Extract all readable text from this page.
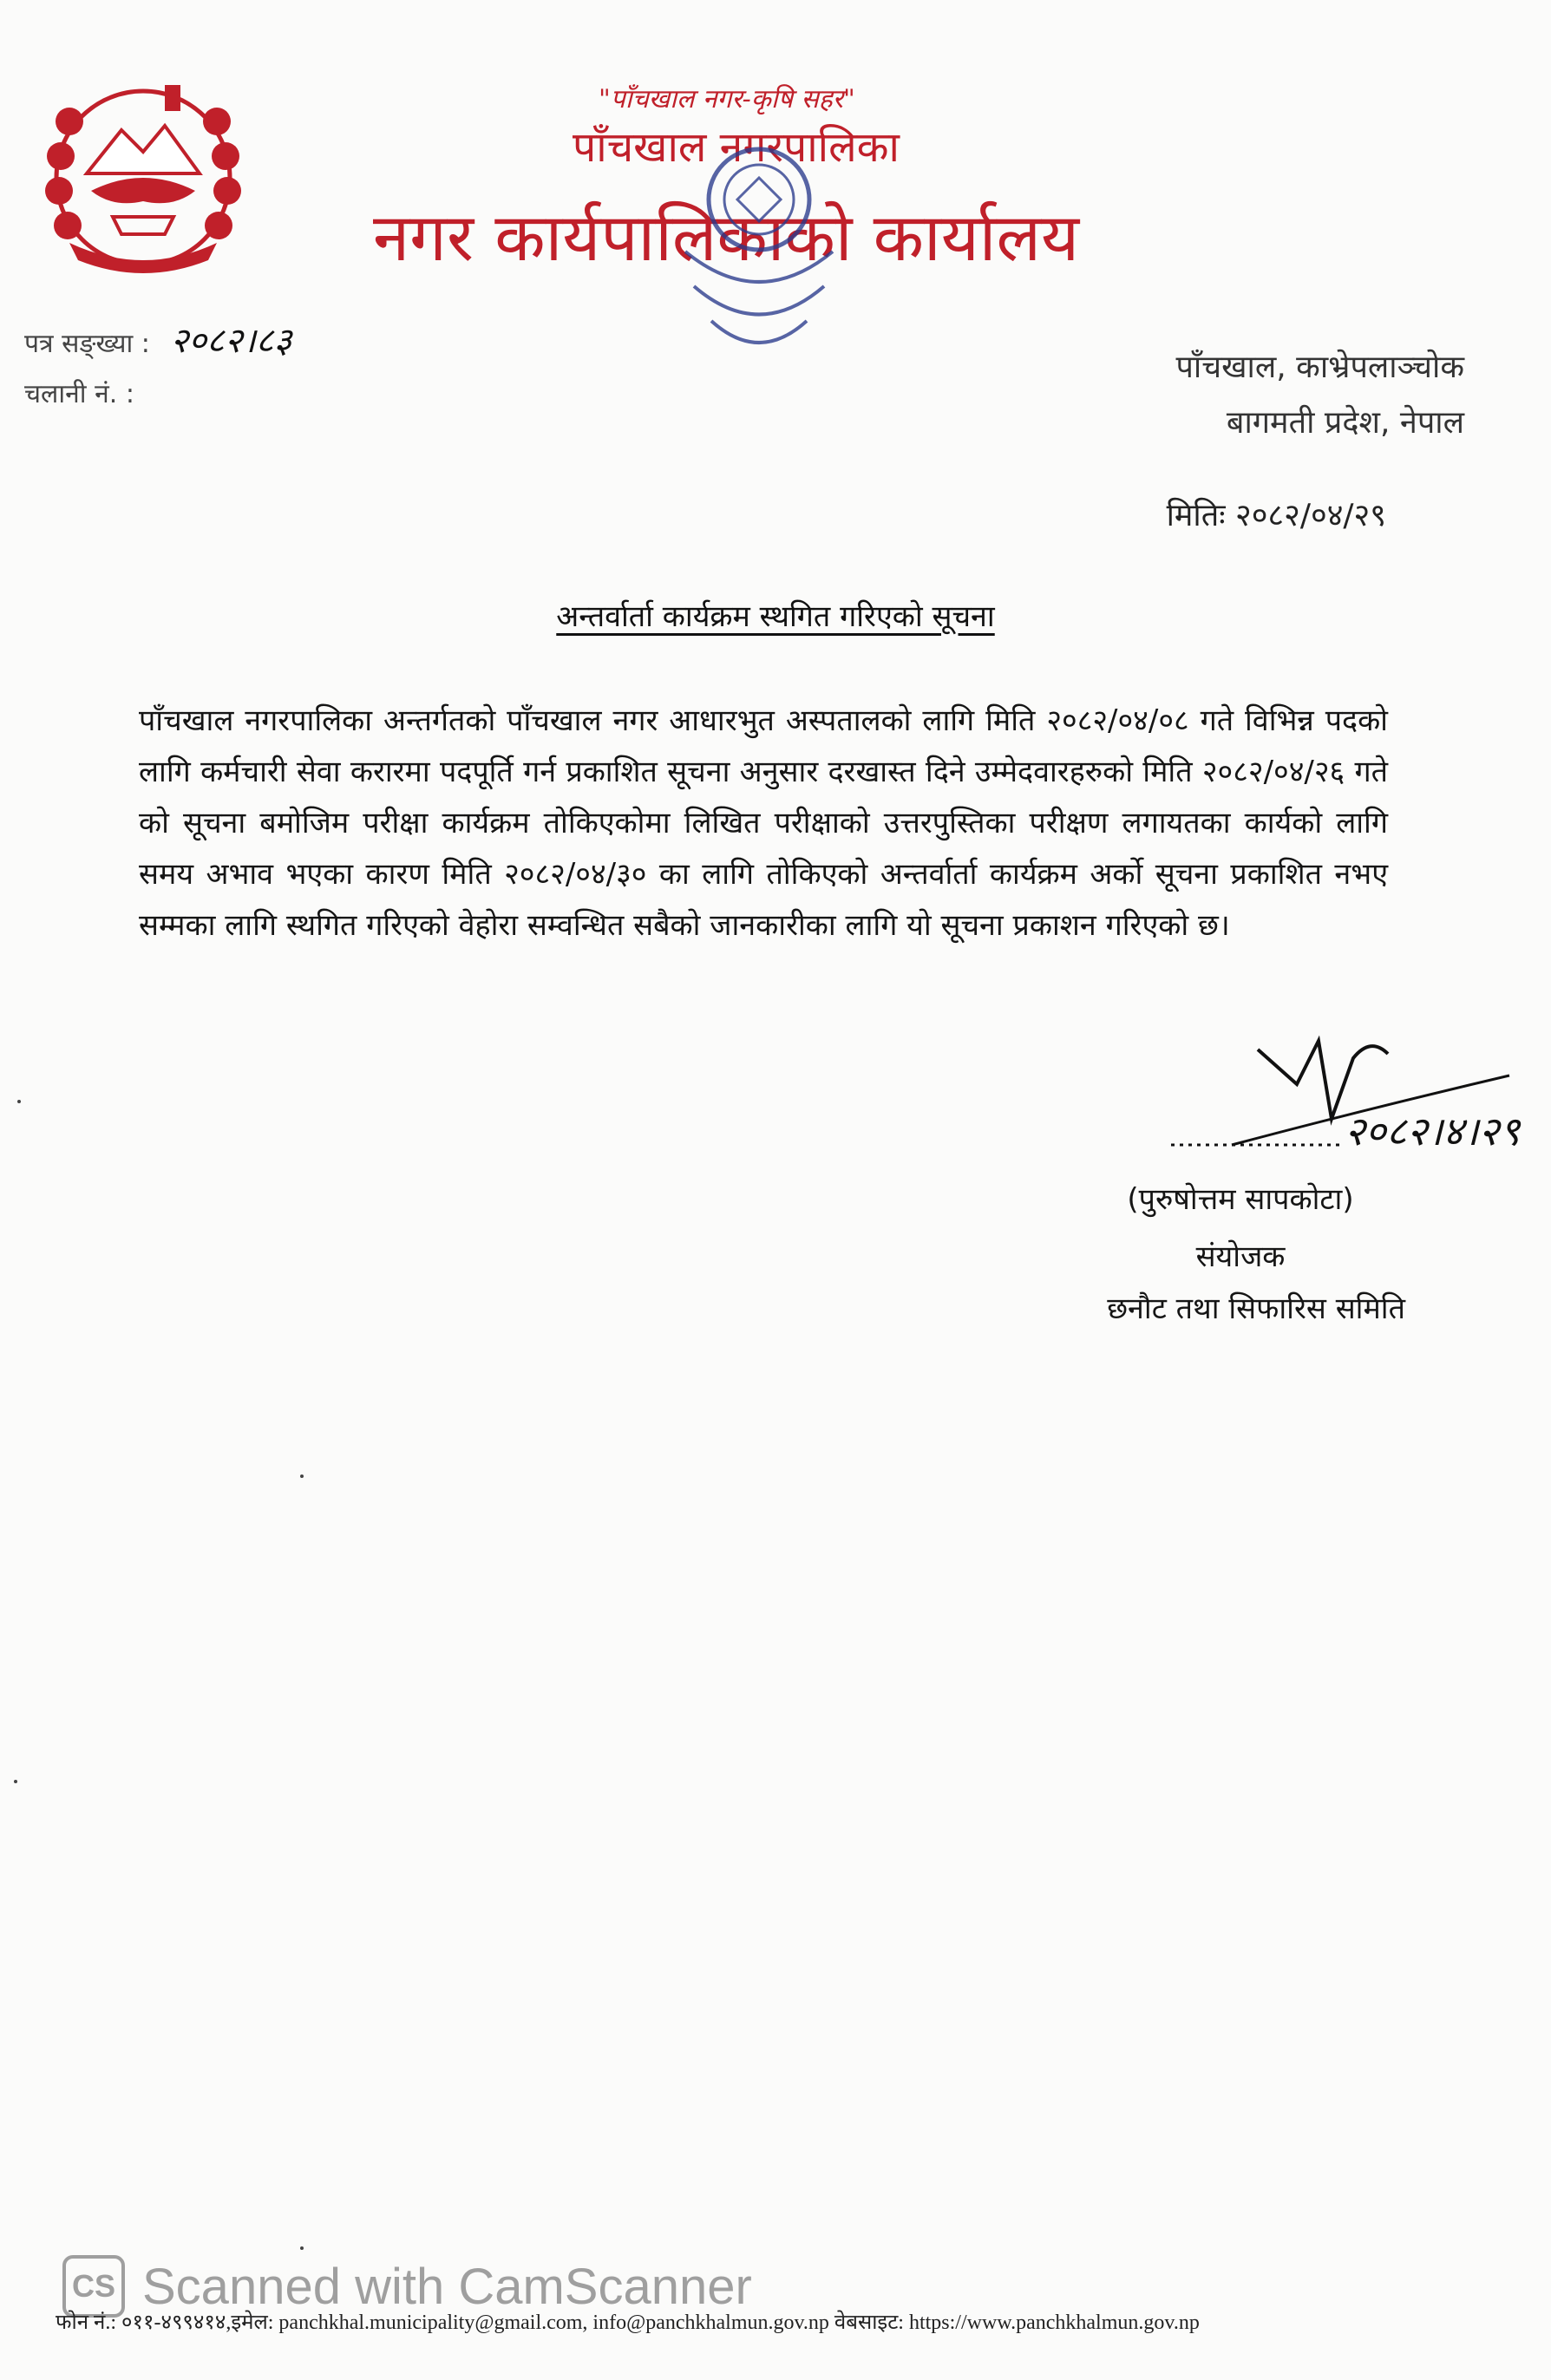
"पाँचखाल नगर-कृषि सहर"
पाँचखाल नगरपालिका
नगर कार्यपालिकाको कार्यालय
पत्र सङ्ख्या : २०८२।८३
चलानी नं. :
पाँचखाल, काभ्रेपलाञ्चोक
बागमती प्रदेश, नेपाल
मितिः २०८२/०४/२९
अन्तर्वार्ता कार्यक्रम स्थगित गरिएको सूचना
पाँचखाल नगरपालिका अन्तर्गतको पाँचखाल नगर आधारभुत अस्पतालको लागि मिति २०८२/०४/०८ गते विभिन्न पदको लागि कर्मचारी सेवा करारमा पदपूर्ति गर्न प्रकाशित सूचना अनुसार दरखास्त दिने उम्मेदवारहरुको मिति २०८२/०४/२६ गते को सूचना बमोजिम परीक्षा कार्यक्रम तोकिएकोमा लिखित परीक्षाको उत्तरपुस्तिका परीक्षण लगायतका कार्यको लागि समय अभाव भएका कारण मिति २०८२/०४/३० का लागि तोकिएको अन्तर्वार्ता कार्यक्रम अर्को सूचना प्रकाशित नभए सम्मका लागि स्थगित गरिएको वेहोरा सम्वन्धित सबैको जानकारीका लागि यो सूचना प्रकाशन गरिएको छ।
२०८२।४।२९
(पुरुषोत्तम सापकोटा)
संयोजक
छनौट तथा सिफारिस समिति
CS Scanned with CamScanner
फोन नं.: ०११-४९९४१४,इमेल: panchkhal.municipality@gmail.com, info@panchkhalmun.gov.np वेबसाइट: https://www.panchkhalmun.gov.np
